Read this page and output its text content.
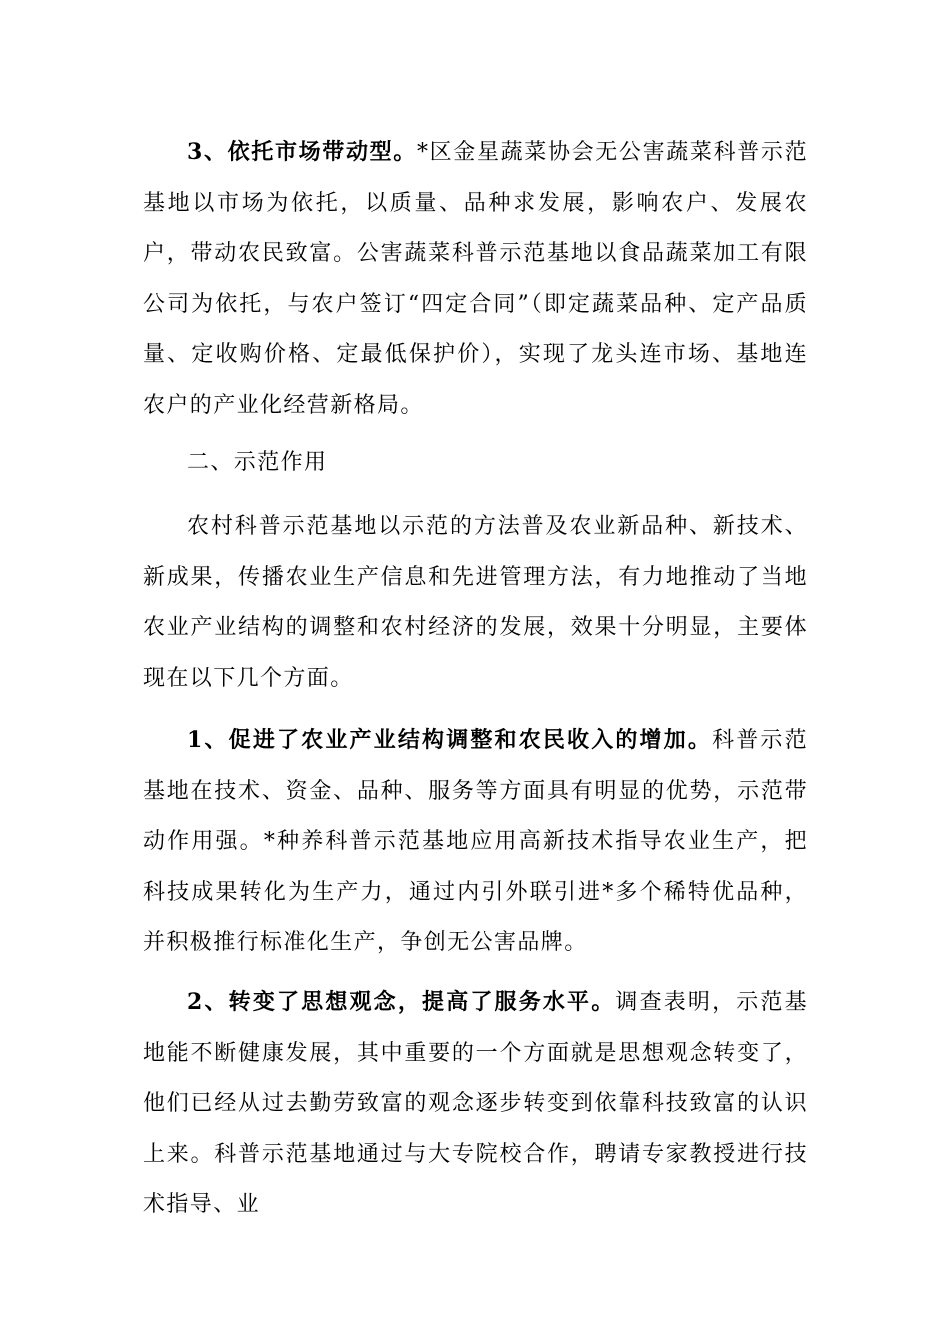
3、依托市场带动型。*区金星蔬菜协会无公害蔬菜科普示范基地以市场为依托，以质量、品种求发展，影响农户、发展农户，带动农民致富。公害蔬菜科普示范基地以食品蔬菜加工有限公司为依托，与农户签订“四定合同”（即定蔬菜品种、定产品质量、定收购价格、定最低保护价），实现了龙头连市场、基地连农户的产业化经营新格局。

二、示范作用

农村科普示范基地以示范的方法普及农业新品种、新技术、新成果，传播农业生产信息和先进管理方法，有力地推动了当地农业产业结构的调整和农村经济的发展，效果十分明显，主要体现在以下几个方面。

1、促进了农业产业结构调整和农民收入的增加。科普示范基地在技术、资金、品种、服务等方面具有明显的优势，示范带动作用强。*种养科普示范基地应用高新技术指导农业生产，把科技成果转化为生产力，通过内引外联引进*多个稀特优品种，并积极推行标准化生产，争创无公害品牌。

2、转变了思想观念，提高了服务水平。调查表明，示范基地能不断健康发展，其中重要的一个方面就是思想观念转变了，他们已经从过去勤劳致富的观念逐步转变到依靠科技致富的认识上来。科普示范基地通过与大专院校合作，聘请专家教授进行技术指导、业
